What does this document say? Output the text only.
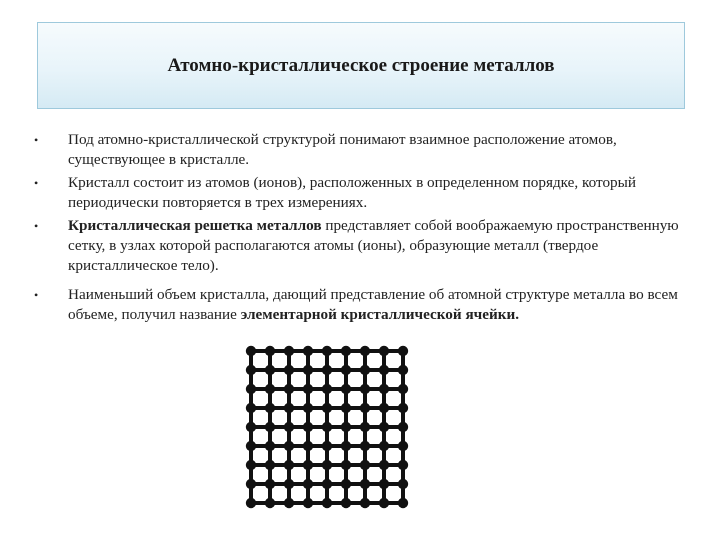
Атомно-кристаллическое строение металлов
• Под атомно-кристаллической структурой понимают взаимное расположение атомов, существующее в кристалле.
• Кристалл состоит из атомов (ионов), расположенных в определенном порядке, который периодически повторяется в трех измерениях.
• Кристаллическая решетка металлов представляет собой воображаемую пространственную сетку, в узлах которой располагаются атомы (ионы), образующие металл (твердое кристаллическое тело).
• Наименьший объем кристалла, дающий представление об атомной структуре металла во всем объеме, получил название элементарной кристаллической ячейки.
